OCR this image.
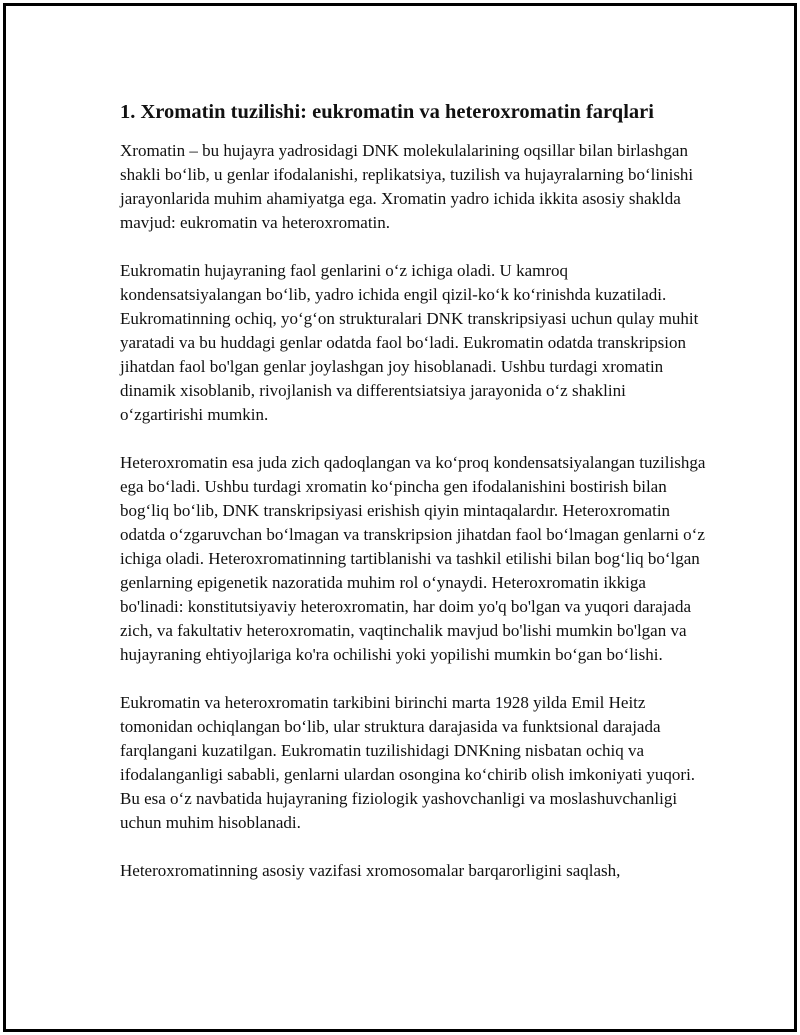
1. Xromatin tuzilishi: eukromatin va heteroxromatin farqlari

Xromatin – bu hujayra yadrosidagi DNK molekulalarining oqsillar bilan birlashgan shakli bo‘lib, u genlar ifodalanishi, replikatsiya, tuzilish va hujayralarning bo‘linishi jarayonlarida muhim ahamiyatga ega. Xromatin yadro ichida ikkita asosiy shaklda mavjud: eukromatin va heteroxromatin.

Eukromatin hujayraning faol genlarini o‘z ichiga oladi. U kamroq kondensatsiyalangan bo‘lib, yadro ichida engil qizil-ko‘k ko‘rinishda kuzatiladi. Eukromatinning ochiq, yo‘g‘on strukturalari DNK transkripsiyasi uchun qulay muhit yaratadi va bu huddagi genlar odatda faol bo‘ladi. Eukromatin odatda transkripsion jihatdan faol bo'lgan genlar joylashgan joy hisoblanadi. Ushbu turdagi xromatin dinamik xisoblanib, rivojlanish va differentsiatsiya jarayonida o‘z shaklini o‘zgartirishi mumkin.

Heteroxromatin esa juda zich qadoqlangan va ko‘proq kondensatsiyalangan tuzilishga ega bo‘ladi. Ushbu turdagi xromatin ko‘pincha gen ifodalanishini bostirish bilan bog‘liq bo‘lib, DNK transkripsiyasi erishish qiyin mintaqalardır. Heteroxromatin odatda o‘zgaruvchan bo‘lmagan va transkripsion jihatdan faol bo‘lmagan genlarni o‘z ichiga oladi. Heteroxromatinning tartiblanishi va tashkil etilishi bilan bog‘liq bo‘lgan genlarning epigenetik nazoratida muhim rol o‘ynaydi. Heteroxromatin ikkiga bo'linadi: konstitutsiyaviy heteroxromatin, har doim yo'q bo'lgan va yuqori darajada zich, va fakultativ heteroxromatin, vaqtinchalik mavjud bo'lishi mumkin bo'lgan va hujayraning ehtiyojlariga ko'ra ochilishi yoki yopilishi mumkin bo‘gan bo‘lishi.

Eukromatin va heteroxromatin tarkibini birinchi marta 1928 yilda Emil Heitz tomonidan ochiqlangan bo‘lib, ular struktura darajasida va funktsional darajada farqlangani kuzatilgan. Eukromatin tuzilishidagi DNKning nisbatan ochiq va ifodalanganligi sababli, genlarni ulardan osongina ko‘chirib olish imkoniyati yuqori. Bu esa o‘z navbatida hujayraning fiziologik yashovchanligi va moslashuvchanligi uchun muhim hisoblanadi.

Heteroxromatinning asosiy vazifasi xromosomalar barqarorligini saqlash,
